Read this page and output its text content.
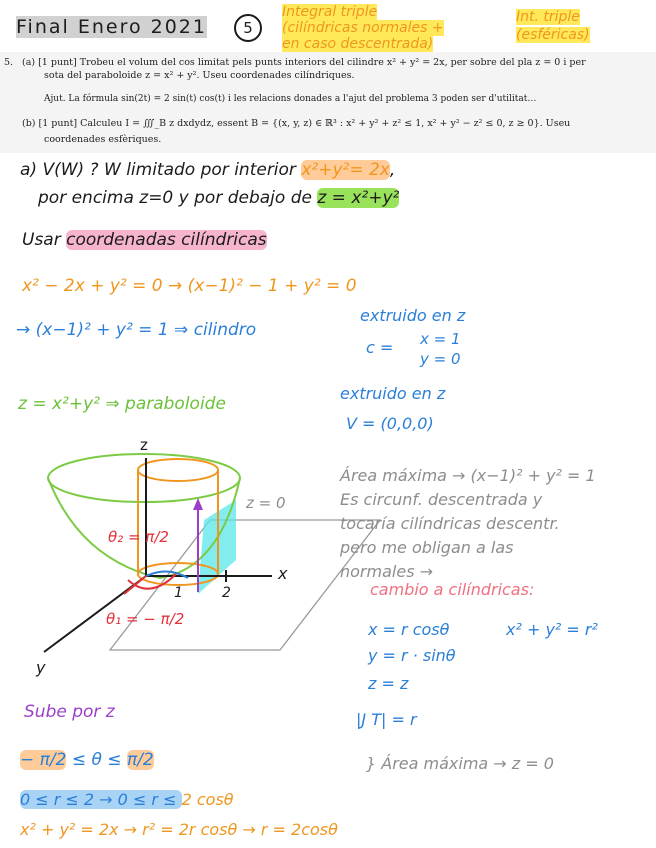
Final Enero 2021	5
Integral triple
(cilíndricas normales +
en caso descentrada)
Int. triple
(esféricas)
5. (a) [1 punt] Trobeu el volum del cos limitat pels punts interiors del cilindre x² + y² = 2x, per sobre del pla z = 0 i per
sota del paraboloide z = x² + y². Useu coordenades cilíndriques.
Ajut. La fórmula sin(2t) = 2 sin(t) cos(t) i les relacions donades a l'ajut del problema 3 poden ser d'utilitat…
(b) [1 punt] Calculeu I = ∭_B z dxdydz, essent B = {(x, y, z) ∈ ℝ³ : x² + y² + z² ≤ 1, x² + y² − z² ≤ 0, z ≥ 0}. Useu
coordenades esfèriques.
a) V(W) ? W limitado por interior x²+y²= 2x,
por encima z=0 y por debajo de z = x²+y²
Usar coordenadas cilíndricas
x² − 2x + y² = 0 → (x−1)² − 1 + y² = 0
→ (x−1)² + y² = 1 ⇒ cilindro
extruido en z
c = x = 1
y = 0
z = x²+y² ⇒ paraboloide
extruido en z
V = (0,0,0)
z
x
y
1	2
z = 0
θ₂ = π/2
θ₁ = − π/2
Área máxima → (x−1)² + y² = 1
Es circunf. descentrada y
tocaría cilíndricas descentr.
pero me obligan a las
normales →
cambio a cilíndricas:
x = r cosθ	x² + y² = r²
y = r · sinθ
z = z
|J T| = r
Sube por z
− π/2 ≤ θ ≤ π/2
0 ≤ r ≤ 2 → 0 ≤ r ≤ 2 cosθ
} Área máxima → z = 0
x² + y² = 2x → r² = 2r cosθ → r = 2cosθ
